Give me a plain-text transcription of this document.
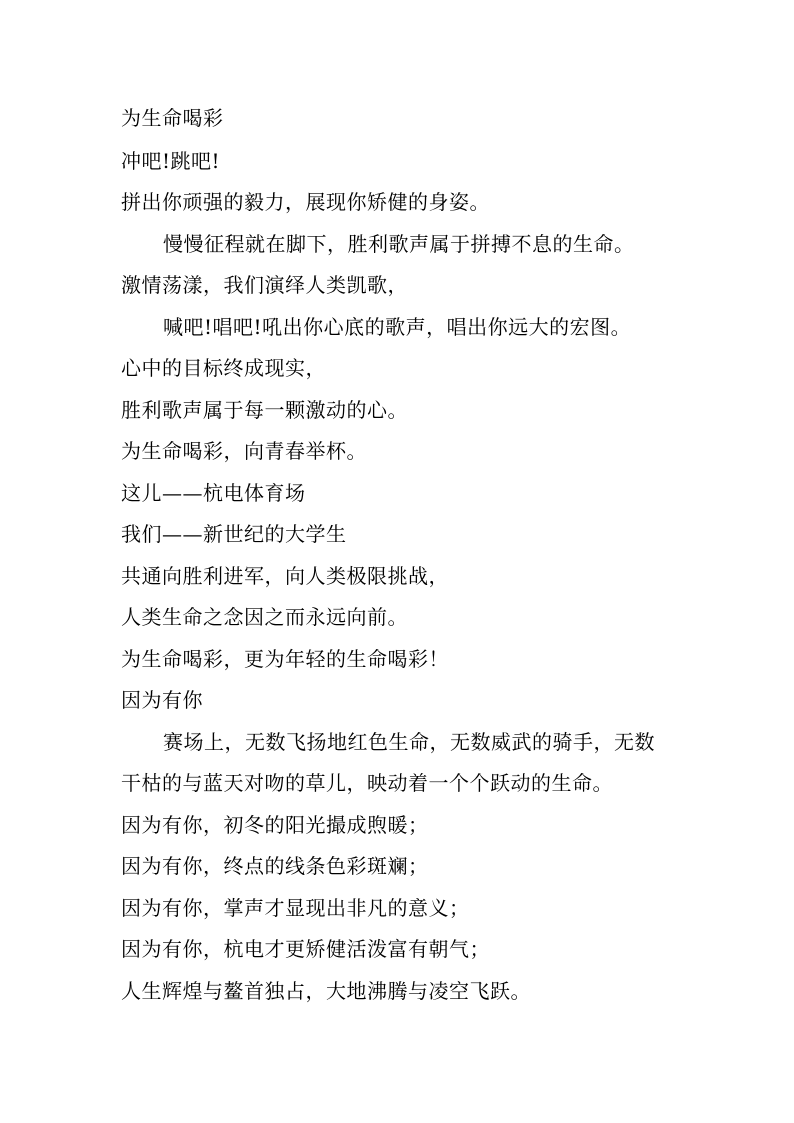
为生命喝彩
冲吧!跳吧!
拼出你顽强的毅力，展现你矫健的身姿。
慢慢征程就在脚下，胜利歌声属于拼搏不息的生命。
激情荡漾，我们演绎人类凯歌，
喊吧!唱吧!吼出你心底的歌声，唱出你远大的宏图。
心中的目标终成现实，
胜利歌声属于每一颗激动的心。
为生命喝彩，向青春举杯。
这儿——杭电体育场
我们——新世纪的大学生
共通向胜利进军，向人类极限挑战，
人类生命之念因之而永远向前。
为生命喝彩，更为年轻的生命喝彩！
因为有你
赛场上，无数飞扬地红色生命，无数威武的骑手，无数
干枯的与蓝天对吻的草儿，映动着一个个跃动的生命。
因为有你，初冬的阳光撮成煦暖；
因为有你，终点的线条色彩斑斓；
因为有你，掌声才显现出非凡的意义；
因为有你，杭电才更矫健活泼富有朝气；
人生辉煌与鳌首独占，大地沸腾与凌空飞跃。
